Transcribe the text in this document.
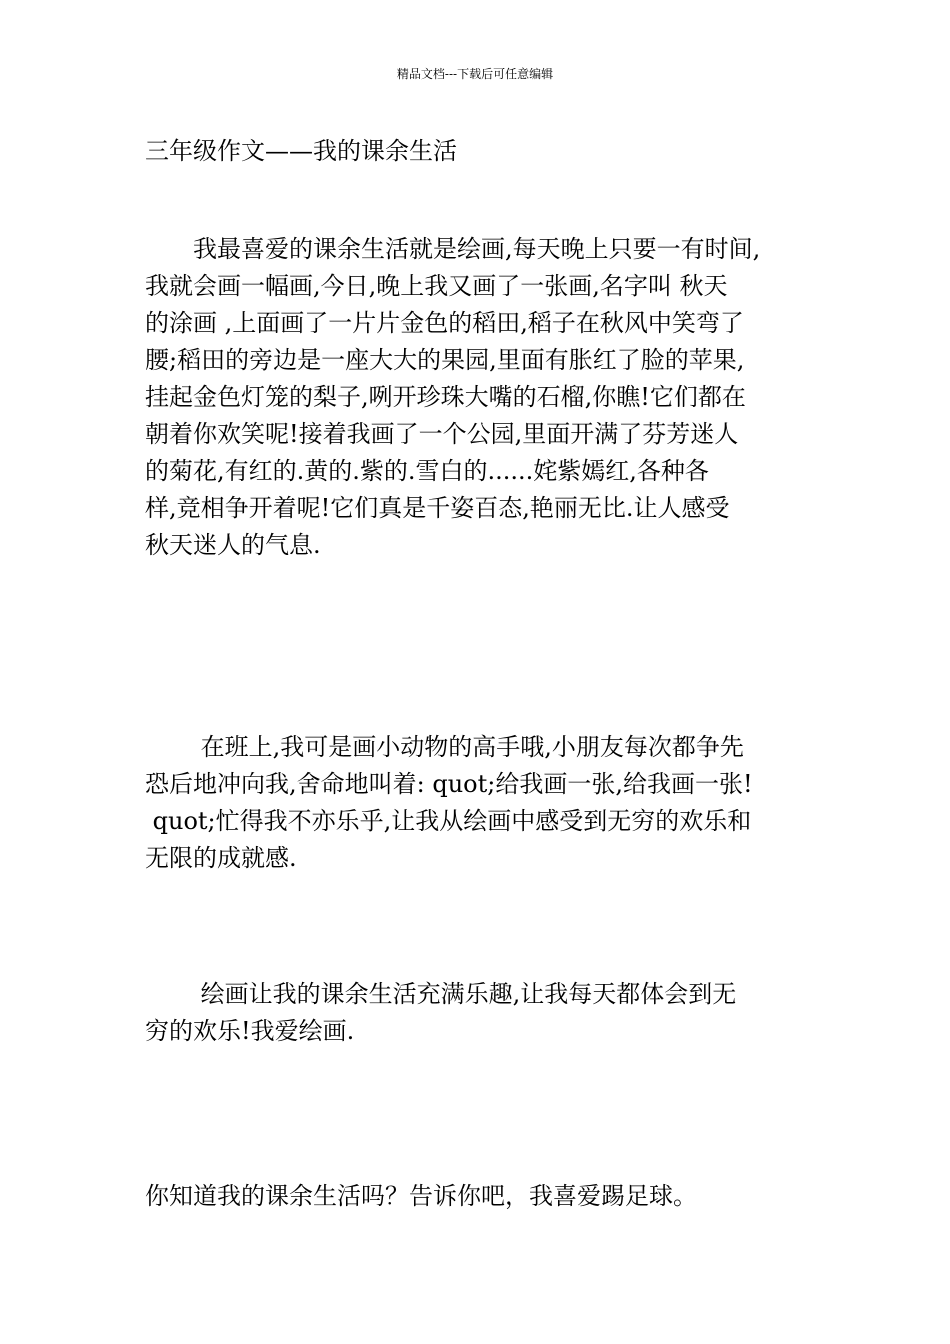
精品文档---下载后可任意编辑
三年级作文——我的课余生活
　　我最喜爱的课余生活就是绘画,每天晚上只要一有时间,
我就会画一幅画,今日,晚上我又画了一张画,名字叫 秋天
的涂画 ,上面画了一片片金色的稻田,稻子在秋风中笑弯了
腰;稻田的旁边是一座大大的果园,里面有胀红了脸的苹果,
挂起金色灯笼的梨子,咧开珍珠大嘴的石榴,你瞧!它们都在
朝着你欢笑呢!接着我画了一个公园,里面开满了芬芳迷人
的菊花,有红的.黄的.紫的.雪白的......姹紫嫣红,各种各
样,竞相争开着呢!它们真是千姿百态,艳丽无比.让人感受
秋天迷人的气息.
　　 在班上,我可是画小动物的高手哦,小朋友每次都争先
恐后地冲向我,舍命地叫着: quot;给我画一张,给我画一张!
quot;忙得我不亦乐乎,让我从绘画中感受到无穷的欢乐和
无限的成就感.
　　 绘画让我的课余生活充满乐趣,让我每天都体会到无
穷的欢乐!我爱绘画.
你知道我的课余生活吗？告诉你吧，我喜爱踢足球。
